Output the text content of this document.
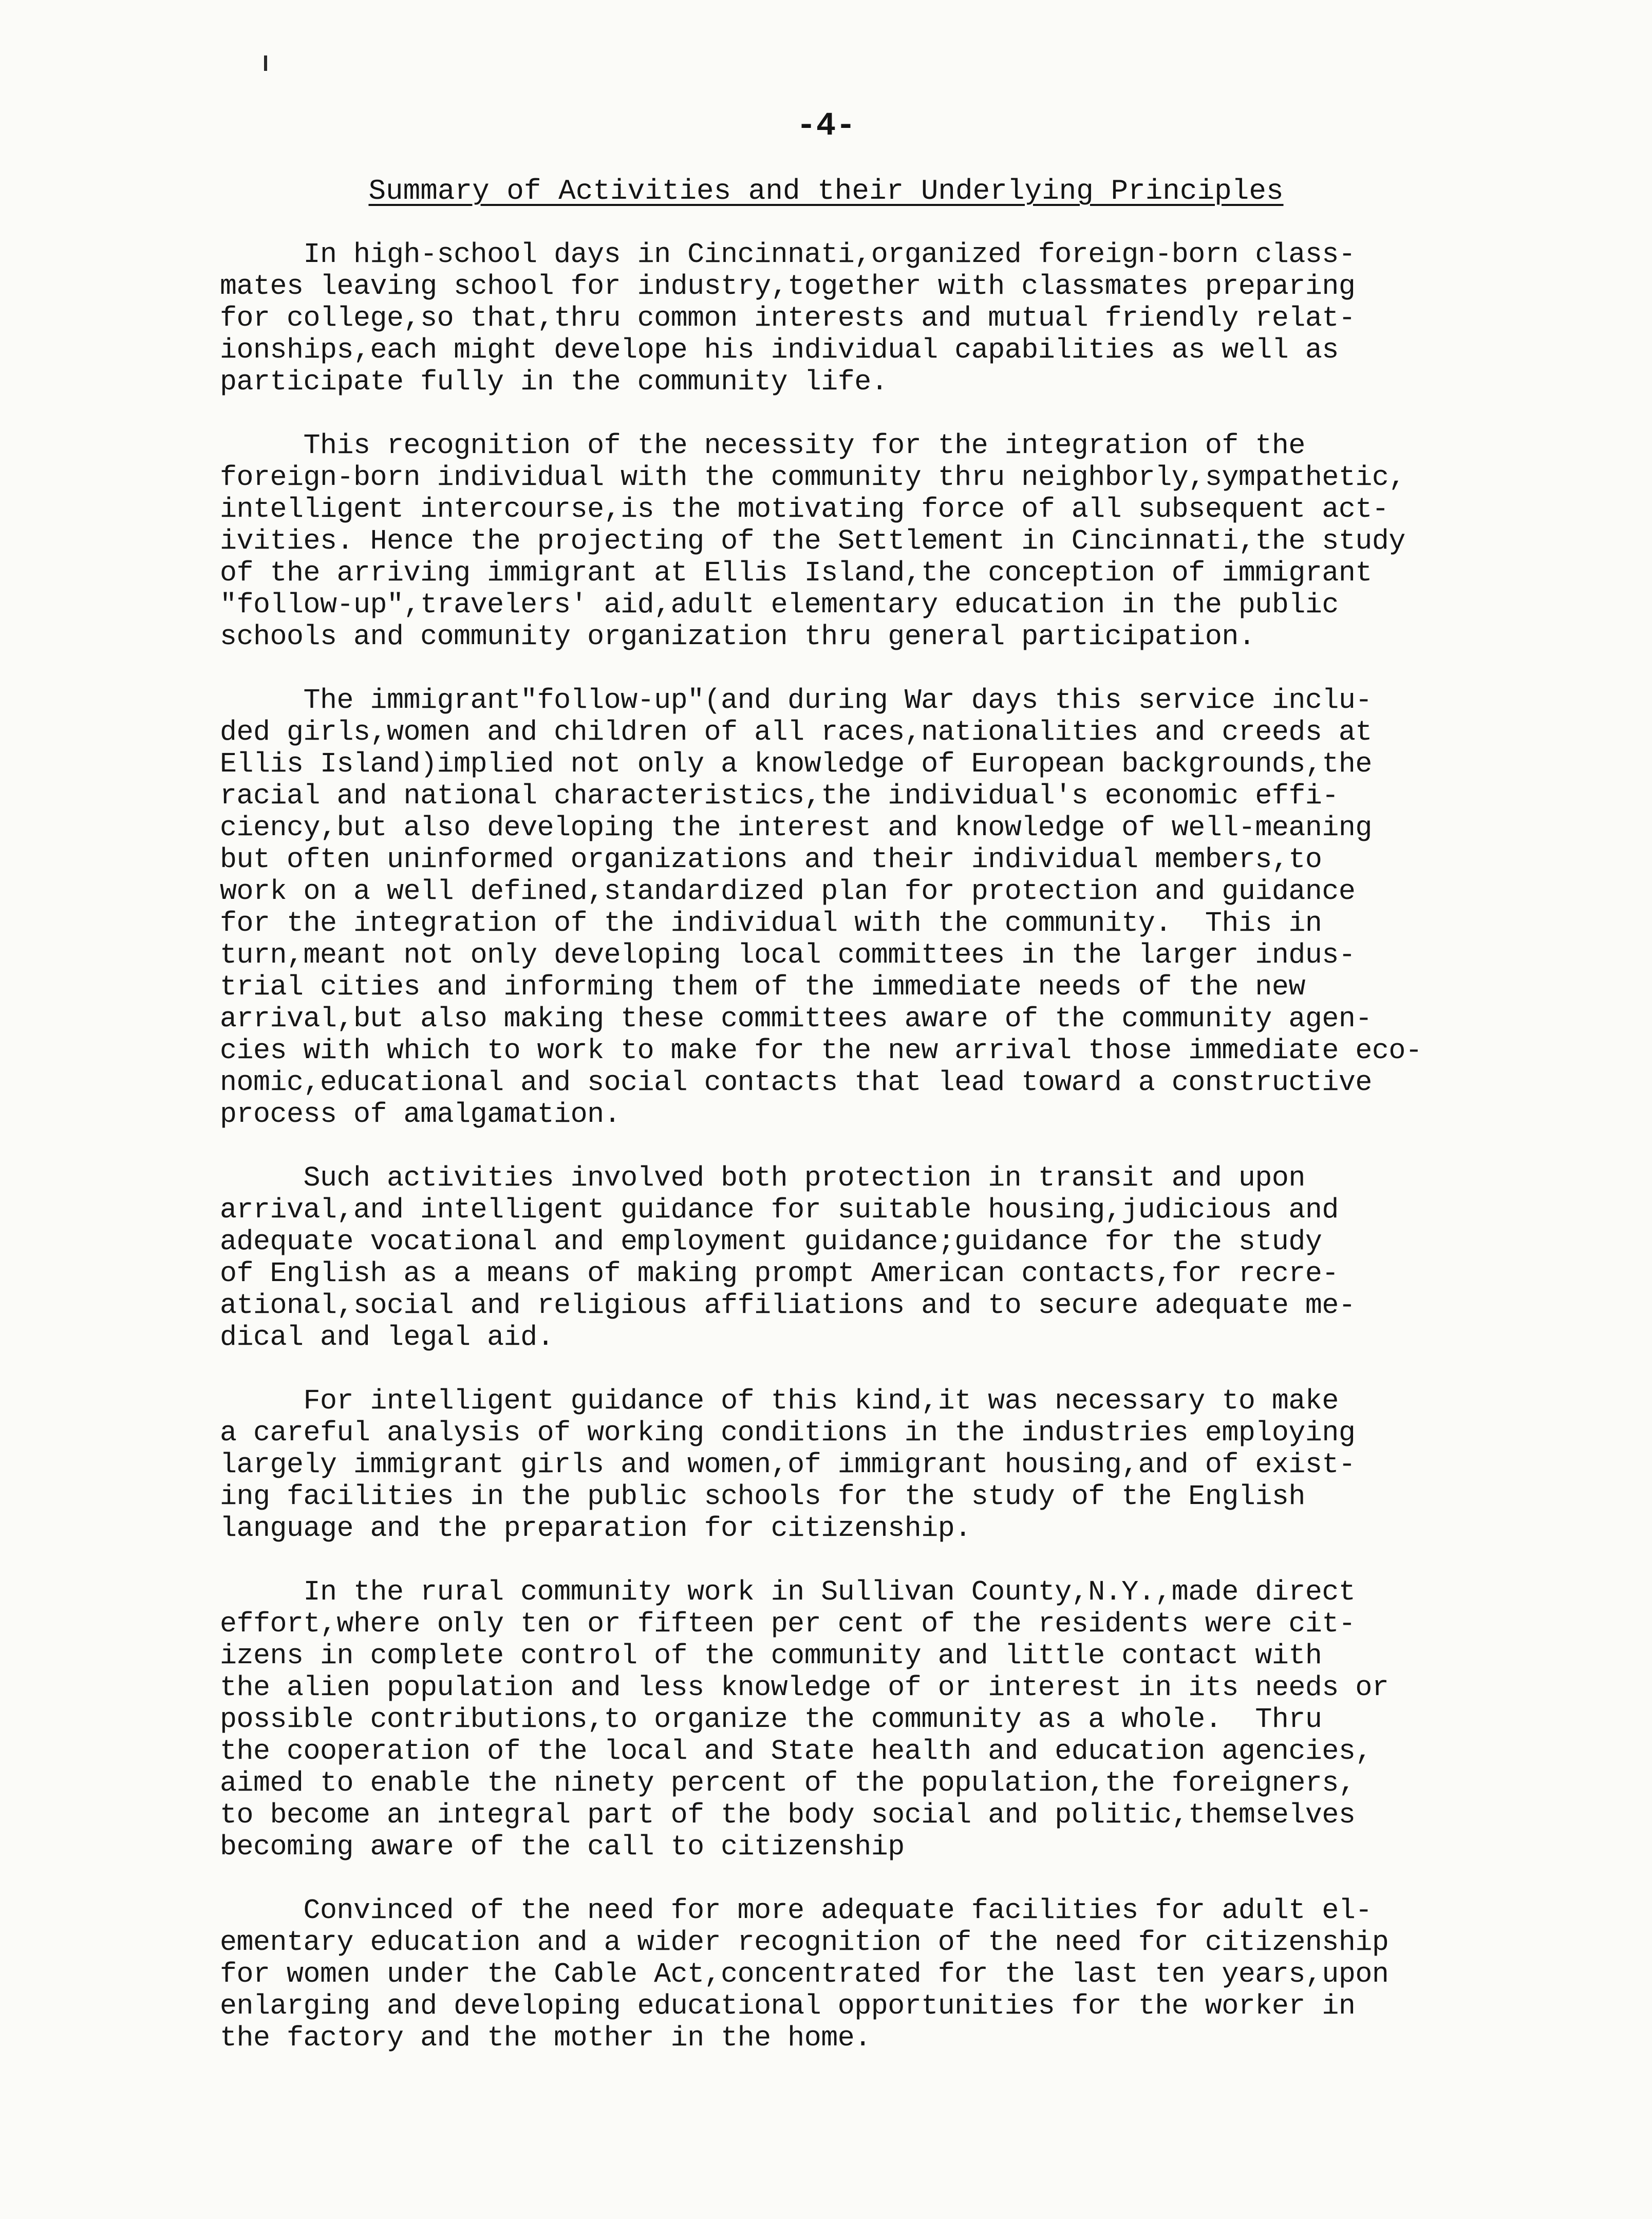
-4-
Summary of Activities and their Underlying Principles
In high-school days in Cincinnati,organized foreign-born class-
mates leaving school for industry,together with classmates preparing
for college,so that,thru common interests and mutual friendly relat-
ionships,each might develope his individual capabilities as well as
participate fully in the community life.
This recognition of the necessity for the integration of the
foreign-born individual with the community thru neighborly,sympathetic,
intelligent intercourse,is the motivating force of all subsequent act-
ivities. Hence the projecting of the Settlement in Cincinnati,the study
of the arriving immigrant at Ellis Island,the conception of immigrant
"follow-up",travelers' aid,adult elementary education in the public
schools and community organization thru general participation.
The immigrant"follow-up"(and during War days this service inclu-
ded girls,women and children of all races,nationalities and creeds at
Ellis Island)implied not only a knowledge of European backgrounds,the
racial and national characteristics,the individual's economic effi-
ciency,but also developing the interest and knowledge of well-meaning
but often uninformed organizations and their individual members,to
work on a well defined,standardized plan for protection and guidance
for the integration of the individual with the community.  This in
turn,meant not only developing local committees in the larger indus-
trial cities and informing them of the immediate needs of the new
arrival,but also making these committees aware of the community agen-
cies with which to work to make for the new arrival those immediate eco-
nomic,educational and social contacts that lead toward a constructive
process of amalgamation.
Such activities involved both protection in transit and upon
arrival,and intelligent guidance for suitable housing,judicious and
adequate vocational and employment guidance;guidance for the study
of English as a means of making prompt American contacts,for recre-
ational,social and religious affiliations and to secure adequate me-
dical and legal aid.
For intelligent guidance of this kind,it was necessary to make
a careful analysis of working conditions in the industries employing
largely immigrant girls and women,of immigrant housing,and of exist-
ing facilities in the public schools for the study of the English
language and the preparation for citizenship.
In the rural community work in Sullivan County,N.Y.,made direct
effort,where only ten or fifteen per cent of the residents were cit-
izens in complete control of the community and little contact with
the alien population and less knowledge of or interest in its needs or
possible contributions,to organize the community as a whole.  Thru
the cooperation of the local and State health and education agencies,
aimed to enable the ninety percent of the population,the foreigners,
to become an integral part of the body social and politic,themselves
becoming aware of the call to citizenship
Convinced of the need for more adequate facilities for adult el-
ementary education and a wider recognition of the need for citizenship
for women under the Cable Act,concentrated for the last ten years,upon
enlarging and developing educational opportunities for the worker in
the factory and the mother in the home.
